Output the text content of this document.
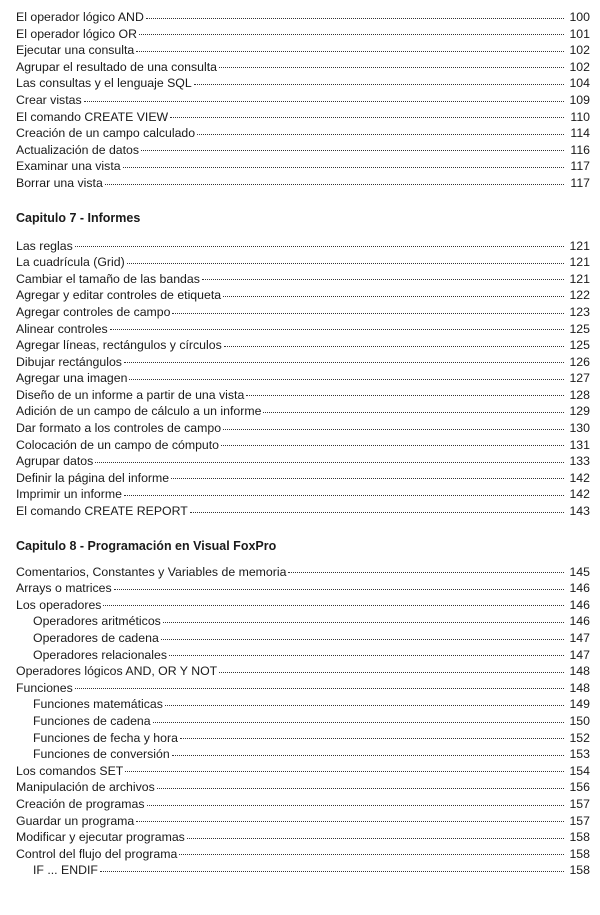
El operador lógico AND	100
El operador lógico OR	101
Ejecutar una consulta	102
Agrupar el resultado de una consulta	102
Las consultas y el lenguaje SQL	104
Crear vistas	109
El comando CREATE VIEW	110
Creación de un campo calculado	114
Actualización de datos	116
Examinar una vista	117
Borrar una vista	117
Capitulo 7 - Informes
Las reglas	121
La cuadrícula (Grid)	121
Cambiar el tamaño de las bandas	121
Agregar y editar controles de etiqueta	122
Agregar controles de campo	123
Alinear controles	125
Agregar líneas, rectángulos y círculos	125
Dibujar rectángulos	126
Agregar una imagen	127
Diseño de un informe a partir de una vista	128
Adición de un campo de cálculo a un informe	129
Dar formato a los controles de campo	130
Colocación de un campo de cómputo	131
Agrupar datos	133
Definir la página del informe	142
Imprimir un informe	142
El comando CREATE REPORT	143
Capitulo 8 - Programación en Visual FoxPro
Comentarios, Constantes y Variables de memoria	145
Arrays o matrices	146
Los operadores	146
Operadores aritméticos	146
Operadores de cadena	147
Operadores relacionales	147
Operadores lógicos AND, OR Y NOT	148
Funciones	148
Funciones matemáticas	149
Funciones de cadena	150
Funciones de fecha y hora	152
Funciones de conversión	153
Los comandos SET	154
Manipulación de archivos	156
Creación de programas	157
Guardar un programa	157
Modificar y ejecutar programas	158
Control del flujo del programa	158
IF ... ENDIF	158
